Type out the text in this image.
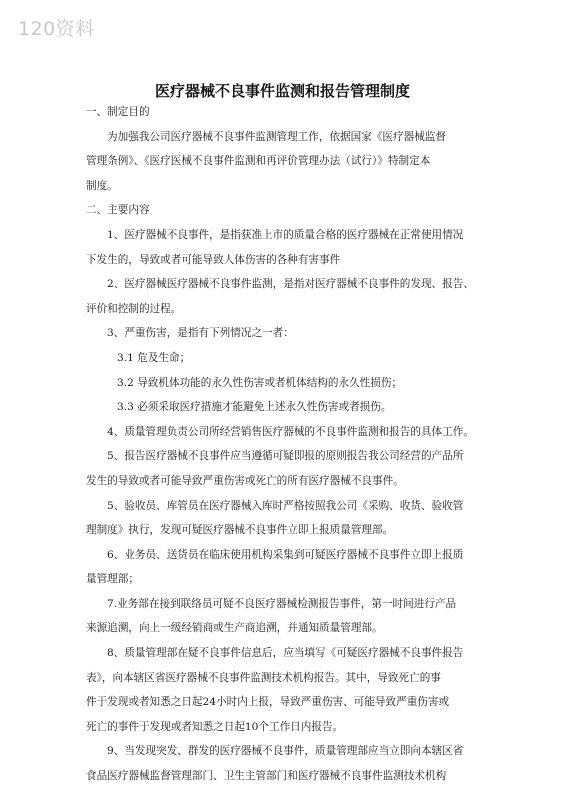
120资料
医疗器械不良事件监测和报告管理制度
一、制定目的
为加强我公司医疗器械不良事件监测管理工作，依据国家《医疗器械监督
管理条例》、《医疗医械不良事件监测和再评价管理办法（试行）》特制定本
制度。
二、主要内容
1、医疗器械不良事件，是指获准上市的质量合格的医疗器械在正常使用情况
下发生的，导致或者可能导致人体伤害的各种有害事件
2、医疗器械医疗器械不良事件监测，是指对医疗器械不良事件的发现、报告、
评价和控制的过程。
3、严重伤害，是指有下列情况之一者：
3.1 危及生命；
3.2 导致机体功能的永久性伤害或者机体结构的永久性损伤；
3.3 必须采取医疗措施才能避免上述永久性伤害或者损伤。
4、质量管理负责公司所经营销售医疗器械的不良事件监测和报告的具体工作。
5、报告医疗器械不良事件应当遵循可疑即报的原则报告我公司经营的产品所
发生的导致或者可能导致严重伤害或死亡的所有医疗器械不良事件。
5、验收员、库管员在医疗器械入库时严格按照我公司《采购、收货、验收管
理制度》执行，发现可疑医疗器械不良事件立即上报质量管理部。
6、业务员、送货员在临床使用机构采集到可疑医疗器械不良事件立即上报质
量管理部；
7.业务部在接到联络员可疑不良医疗器械检测报告事件，第一时间进行产品
来源追溯，向上一级经销商或生产商追溯，并通知质量管理部。
8、质量管理部在疑不良事件信息后，应当填写《可疑医疗器械不良事件报告
表》，向本辖区省医疗器械不良事件监测技术机构报告。其中，导致死亡的事
件于发现或者知悉之日起24小时内上报，导致严重伤害、可能导致严重伤害或
死亡的事件于发现或者知悉之日起10个工作日内报告。
9、当发现突发、群发的医疗器械不良事件，质量管理部应当立即向本辖区省
食品医疗器械监督管理部门、卫生主管部门和医疗器械不良事件监测技术机构
